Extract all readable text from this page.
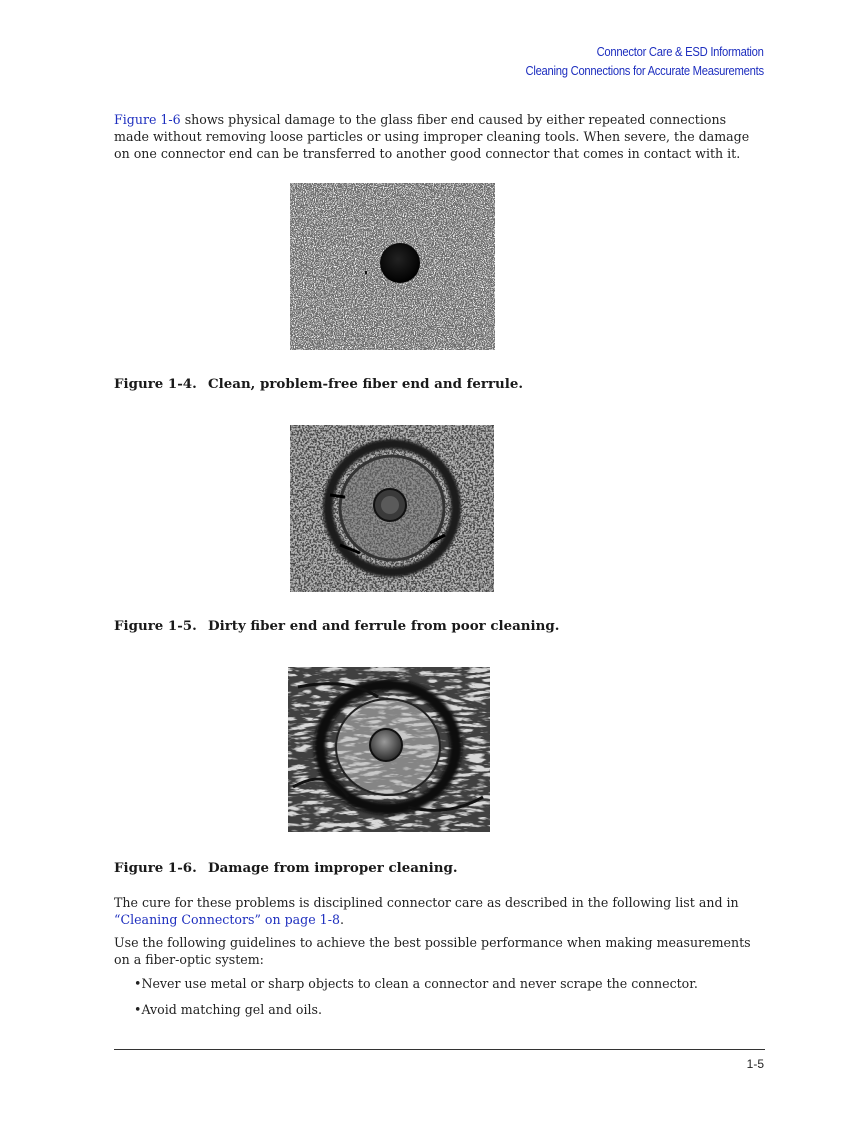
Connector Care & ESD Information
Cleaning Connections for Accurate Measurements
Figure 1-6 shows physical damage to the glass fiber end caused by either repeated connections made without removing loose particles or using improper cleaning tools. When severe, the damage on one connector end can be transferred to another good connector that comes in contact with it.
Figure 1-4. Clean, problem-free fiber end and ferrule.
Figure 1-5. Dirty fiber end and ferrule from poor cleaning.
Figure 1-6. Damage from improper cleaning.
The cure for these problems is disciplined connector care as described in the following list and in “Cleaning Connectors” on page 1-8.
Use the following guidelines to achieve the best possible performance when making measurements on a fiber-optic system:
•Never use metal or sharp objects to clean a connector and never scrape the connector.
•Avoid matching gel and oils.
1-5
